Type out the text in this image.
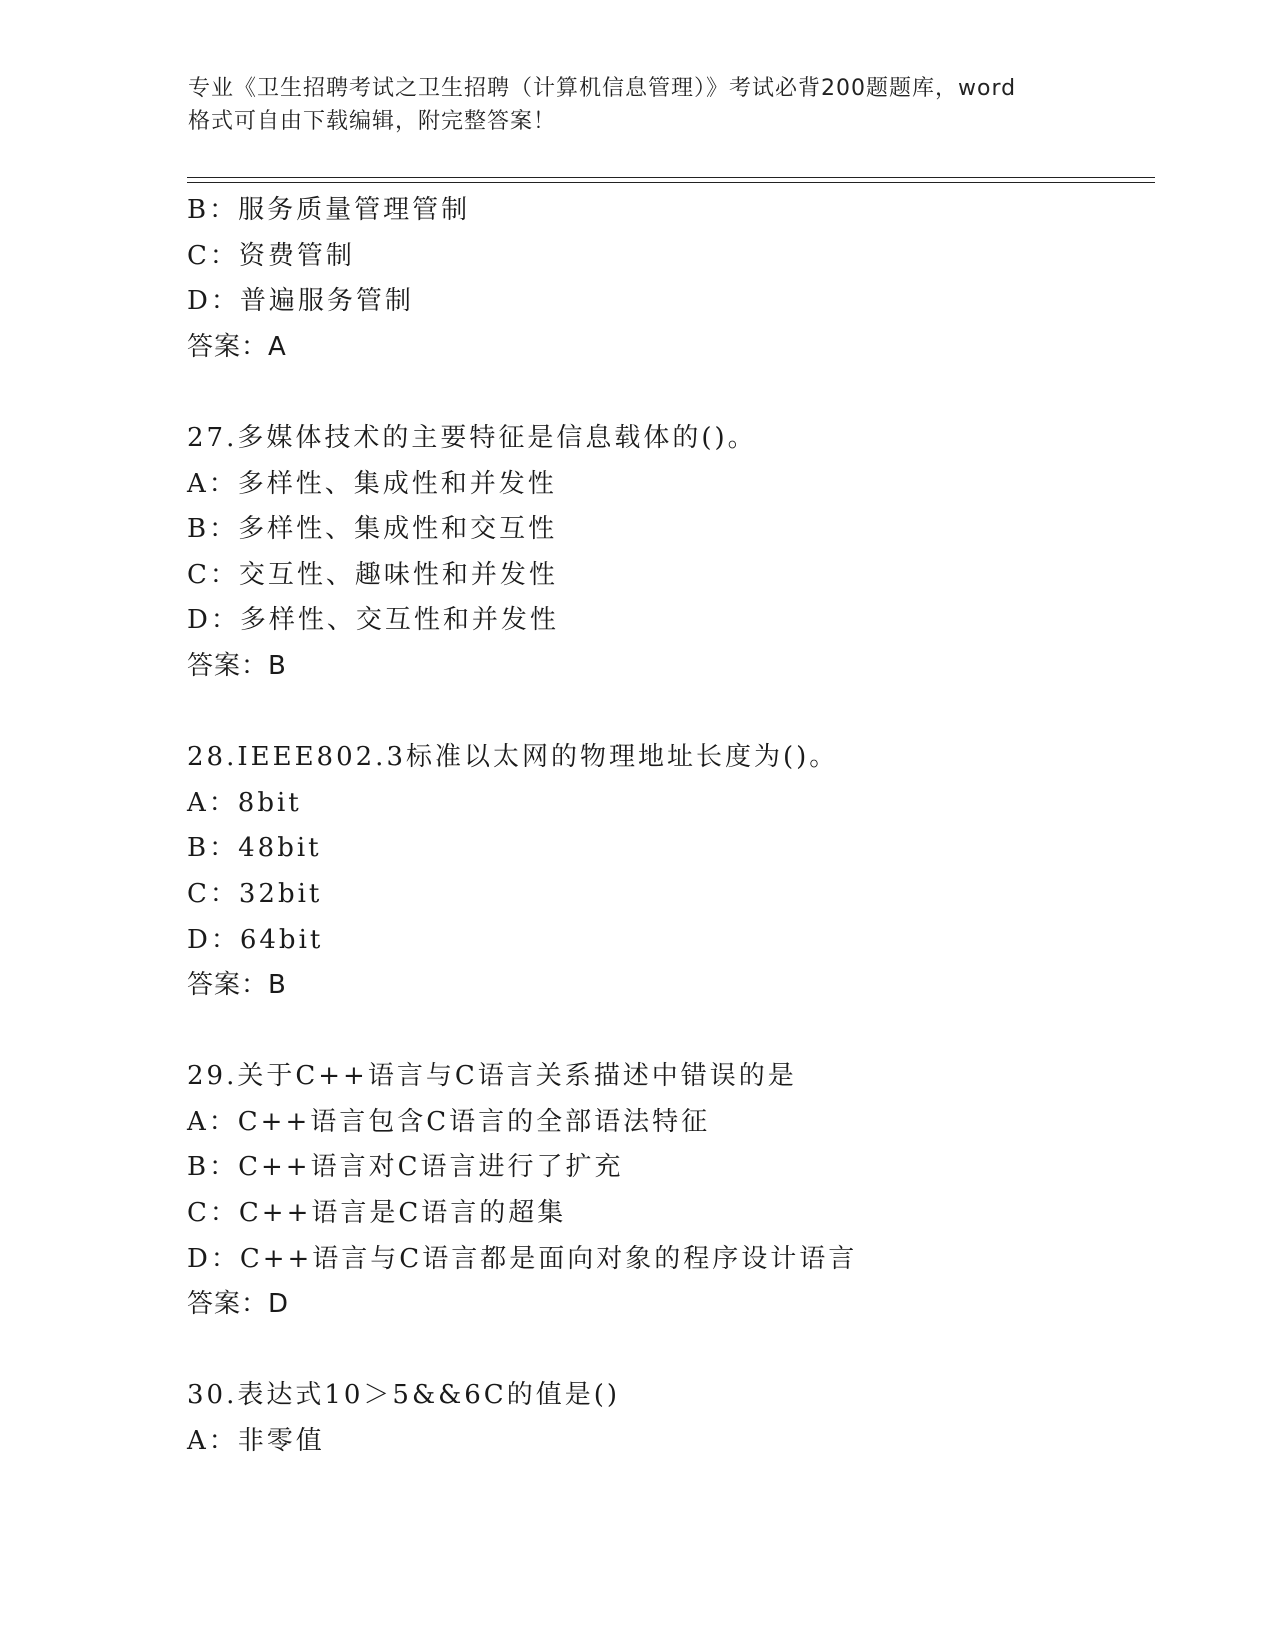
专业《卫生招聘考试之卫生招聘（计算机信息管理）》考试必背200题题库，word
格式可自由下载编辑，附完整答案！
B：服务质量管理管制
C：资费管制
D：普遍服务管制
答案：A
27.多媒体技术的主要特征是信息载体的()。
A：多样性、集成性和并发性
B：多样性、集成性和交互性
C：交互性、趣味性和并发性
D：多样性、交互性和并发性
答案：B
28.IEEE802.3标准以太网的物理地址长度为()。
A：8bit
B：48bit
C：32bit
D：64bit
答案：B
29.关于C++语言与C语言关系描述中错误的是
A：C++语言包含C语言的全部语法特征
B：C++语言对C语言进行了扩充
C：C++语言是C语言的超集
D：C++语言与C语言都是面向对象的程序设计语言
答案：D
30.表达式10＞5&&6C的值是()
A：非零值
